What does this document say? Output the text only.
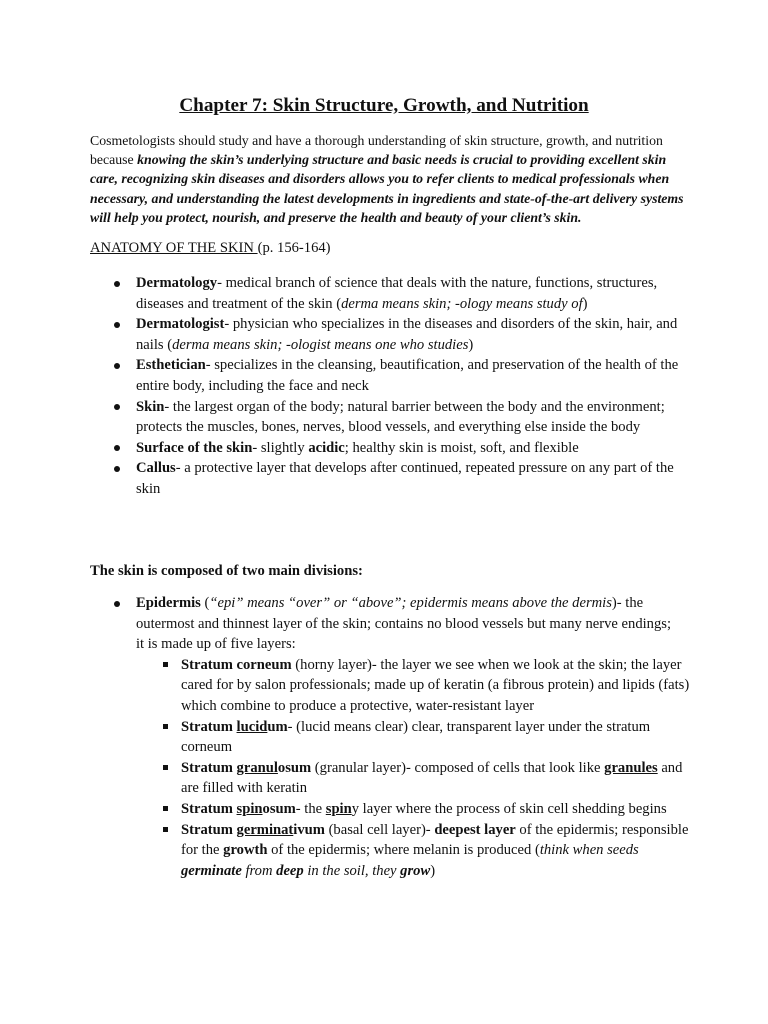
Chapter 7: Skin Structure, Growth, and Nutrition
Cosmetologists should study and have a thorough understanding of skin structure, growth, and nutrition because knowing the skin’s underlying structure and basic needs is crucial to providing excellent skin care, recognizing skin diseases and disorders allows you to refer clients to medical professionals when necessary, and understanding the latest developments in ingredients and state-of-the-art delivery systems will help you protect, nourish, and preserve the health and beauty of your client’s skin.
ANATOMY OF THE SKIN (p. 156-164)
Dermatology- medical branch of science that deals with the nature, functions, structures, diseases and treatment of the skin (derma means skin; -ology means study of)
Dermatologist- physician who specializes in the diseases and disorders of the skin, hair, and nails (derma means skin; -ologist means one who studies)
Esthetician- specializes in the cleansing, beautification, and preservation of the health of the entire body, including the face and neck
Skin- the largest organ of the body; natural barrier between the body and the environment; protects the muscles, bones, nerves, blood vessels, and everything else inside the body
Surface of the skin- slightly acidic; healthy skin is moist, soft, and flexible
Callus- a protective layer that develops after continued, repeated pressure on any part of the skin
The skin is composed of two main divisions:
Epidermis (“epi” means “over” or “above”; epidermis means above the dermis)- the outermost and thinnest layer of the skin; contains no blood vessels but many nerve endings; it is made up of five layers:
Stratum corneum (horny layer)- the layer we see when we look at the skin; the layer cared for by salon professionals; made up of keratin (a fibrous protein) and lipids (fats) which combine to produce a protective, water-resistant layer
Stratum lucidum- (lucid means clear) clear, transparent layer under the stratum corneum
Stratum granulosum (granular layer)- composed of cells that look like granules and are filled with keratin
Stratum spinosum- the spiny layer where the process of skin cell shedding begins
Stratum germinativum (basal cell layer)- deepest layer of the epidermis; responsible for the growth of the epidermis; where melanin is produced (think when seeds germinate from deep in the soil, they grow)
